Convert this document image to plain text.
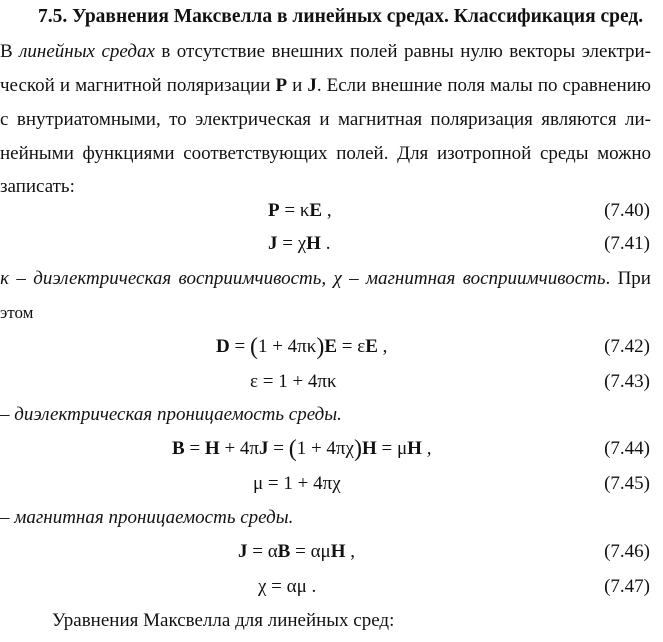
7.5. Уравнения Максвелла в линейных средах. Классификация сред.
В линейных средах в отсутствие внешних полей равны нулю векторы электри-
ческой и магнитной поляризации P и J. Если внешние поля малы по сравнению
с внутриатомными, то электрическая и магнитная поляризация являются ли-
нейными функциями соответствующих полей. Для изотропной среды можно
записать:
P = κE ,	(7.40)
J = χH .	(7.41)
κ – диэлектрическая восприимчивость, χ – магнитная восприимчивость. При
этом
D = (1 + 4πκ)E = εE ,	(7.42)
ε = 1 + 4πκ	(7.43)
– диэлектрическая проницаемость среды.
B = H + 4πJ = (1 + 4πχ)H = μH ,	(7.44)
μ = 1 + 4πχ	(7.45)
– магнитная проницаемость среды.
J = αB = αμH ,	(7.46)
χ = αμ .	(7.47)
Уравнения Максвелла для линейных сред:
